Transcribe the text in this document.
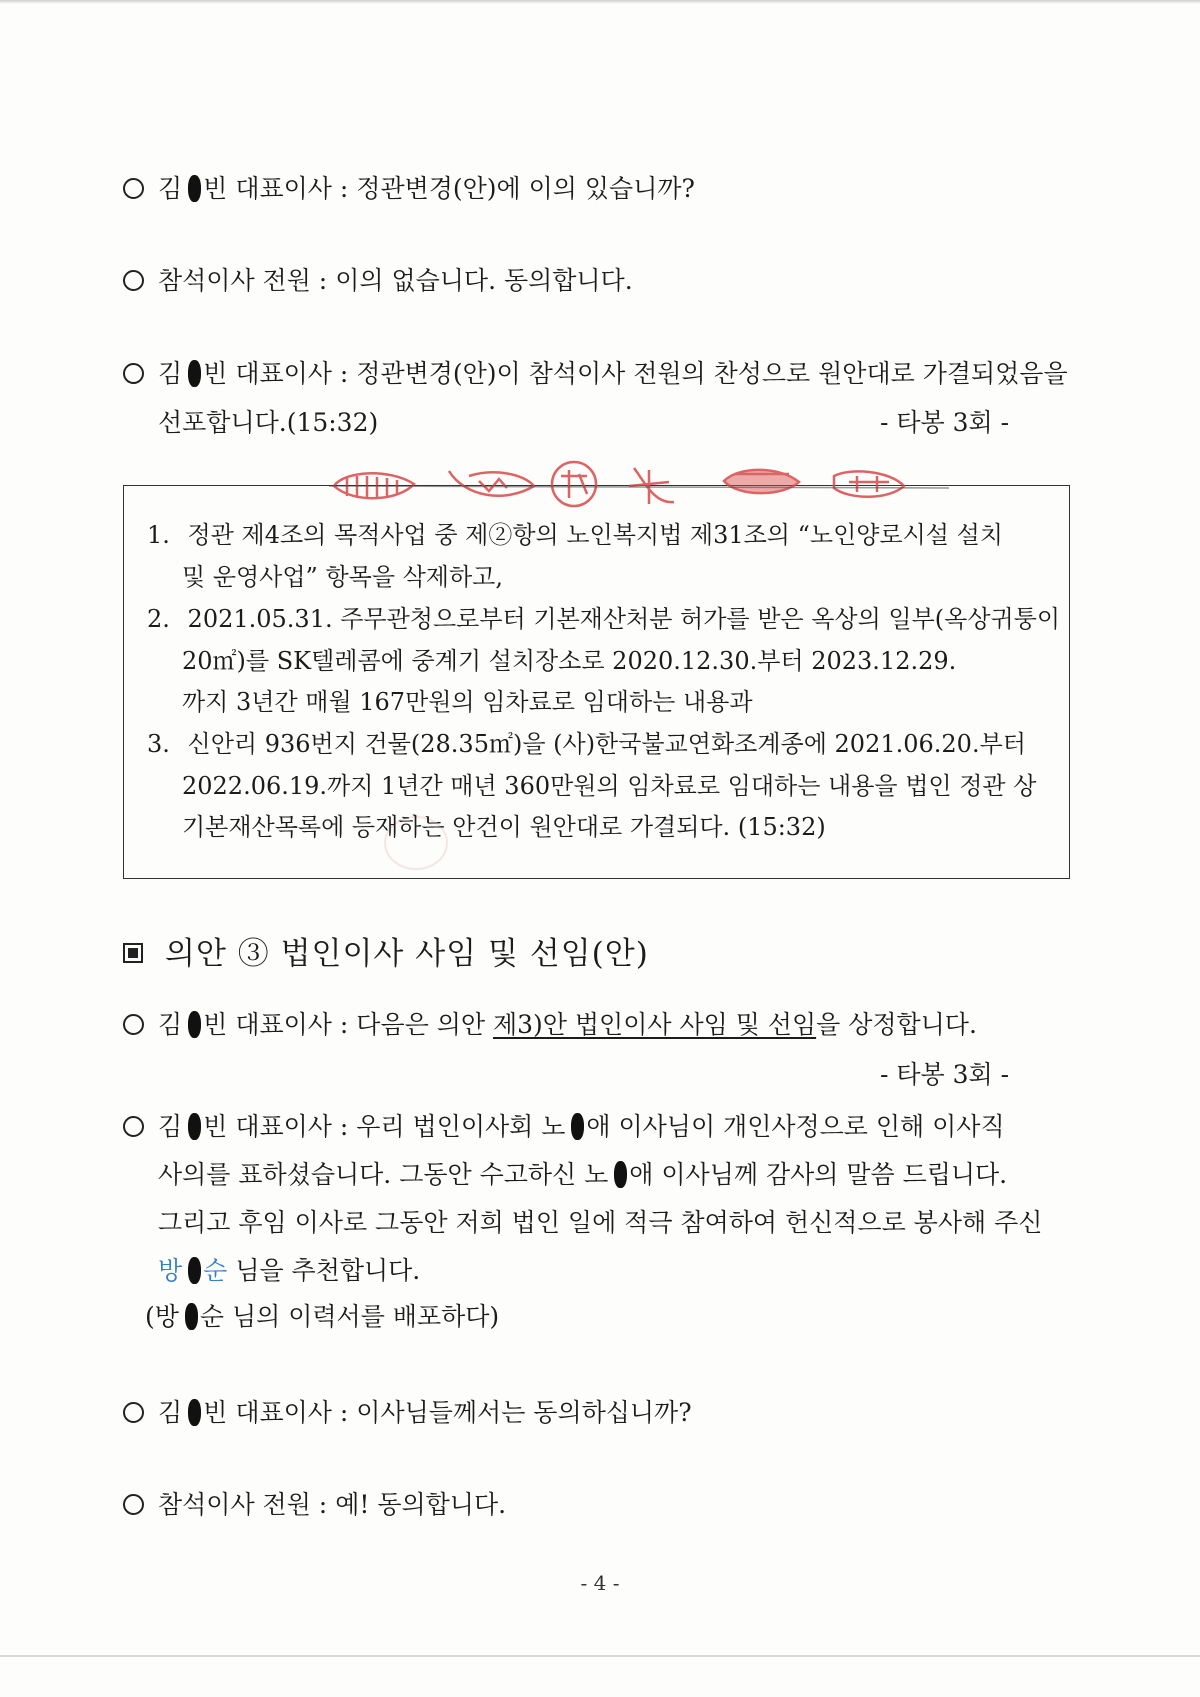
김 빈 대표이사 : 정관변경(안)에 이의 있습니까?
참석이사 전원 : 이의 없습니다. 동의합니다.
김 빈 대표이사 : 정관변경(안)이 참석이사 전원의 찬성으로 원안대로 가결되었음을
선포합니다.(15:32)	- 타봉 3회 -
1. 정관 제4조의 목적사업 중 제②항의 노인복지법 제31조의 “노인양로시설 설치
및 운영사업” 항목을 삭제하고,
2. 2021.05.31. 주무관청으로부터 기본재산처분 허가를 받은 옥상의 일부(옥상귀퉁이
20㎡)를 SK텔레콤에 중계기 설치장소로 2020.12.30.부터 2023.12.29.
까지 3년간 매월 167만원의 임차료로 임대하는 내용과
3. 신안리 936번지 건물(28.35㎡)을 (사)한국불교연화조계종에 2021.06.20.부터
2022.06.19.까지 1년간 매년 360만원의 임차료로 임대하는 내용을 법인 정관 상
기본재산목록에 등재하는 안건이 원안대로 가결되다. (15:32)
의안 ③ 법인이사 사임 및 선임(안)
김 빈 대표이사 : 다음은 의안 제3)안 법인이사 사임 및 선임을 상정합니다.
- 타봉 3회 -
김 빈 대표이사 : 우리 법인이사회 노 애 이사님이 개인사정으로 인해 이사직
사의를 표하셨습니다. 그동안 수고하신 노 애 이사님께 감사의 말씀 드립니다.
그리고 후임 이사로 그동안 저희 법인 일에 적극 참여하여 헌신적으로 봉사해 주신
방 순 님을 추천합니다.
(방 순 님의 이력서를 배포하다)
김 빈 대표이사 : 이사님들께서는 동의하십니까?
참석이사 전원 : 예! 동의합니다.
- 4 -
